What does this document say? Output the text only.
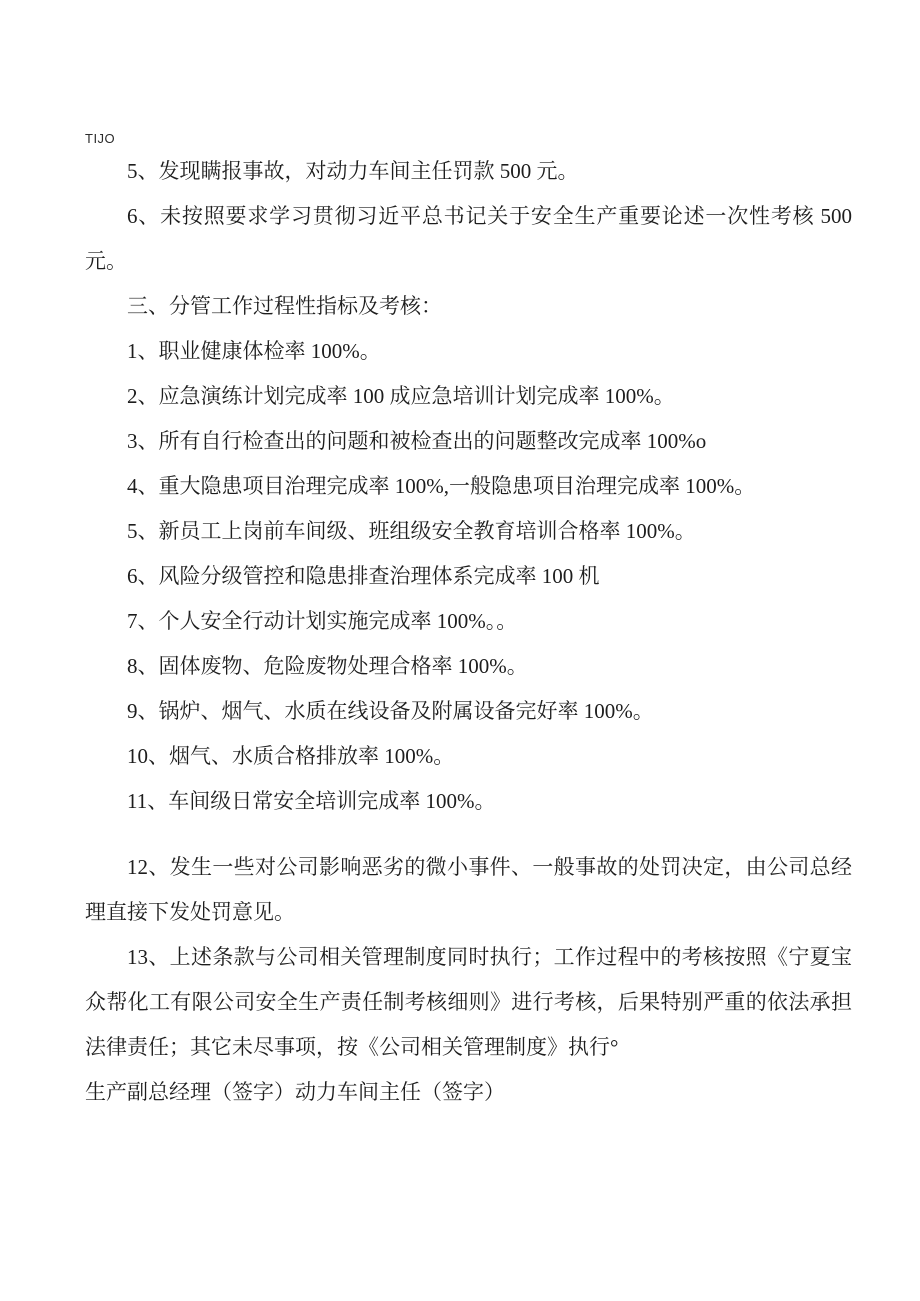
TIJO

5、发现瞒报事故，对动力车间主任罚款 500 元。

6、未按照要求学习贯彻习近平总书记关于安全生产重要论述一次性考核 500 元。

三、分管工作过程性指标及考核：

1、职业健康体检率 100%。

2、应急演练计划完成率 100 成应急培训计划完成率 100%。

3、所有自行检查出的问题和被检查出的问题整改完成率 100%o

4、重大隐患项目治理完成率 100%,一般隐患项目治理完成率 100%。

5、新员工上岗前车间级、班组级安全教育培训合格率 100%。

6、风险分级管控和隐患排查治理体系完成率 100 机

7、个人安全行动计划实施完成率 100%。。

8、固体废物、危险废物处理合格率 100%。

9、锅炉、烟气、水质在线设备及附属设备完好率 100%。

10、烟气、水质合格排放率 100%。

11、车间级日常安全培训完成率 100%。

12、发生一些对公司影响恶劣的微小事件、一般事故的处罚决定，由公司总经理直接下发处罚意见。

13、上述条款与公司相关管理制度同时执行；工作过程中的考核按照《宁夏宝众帮化工有限公司安全生产责任制考核细则》进行考核，后果特别严重的依法承担法律责任；其它未尽事项，按《公司相关管理制度》执行°

生产副总经理（签字）动力车间主任（签字）
